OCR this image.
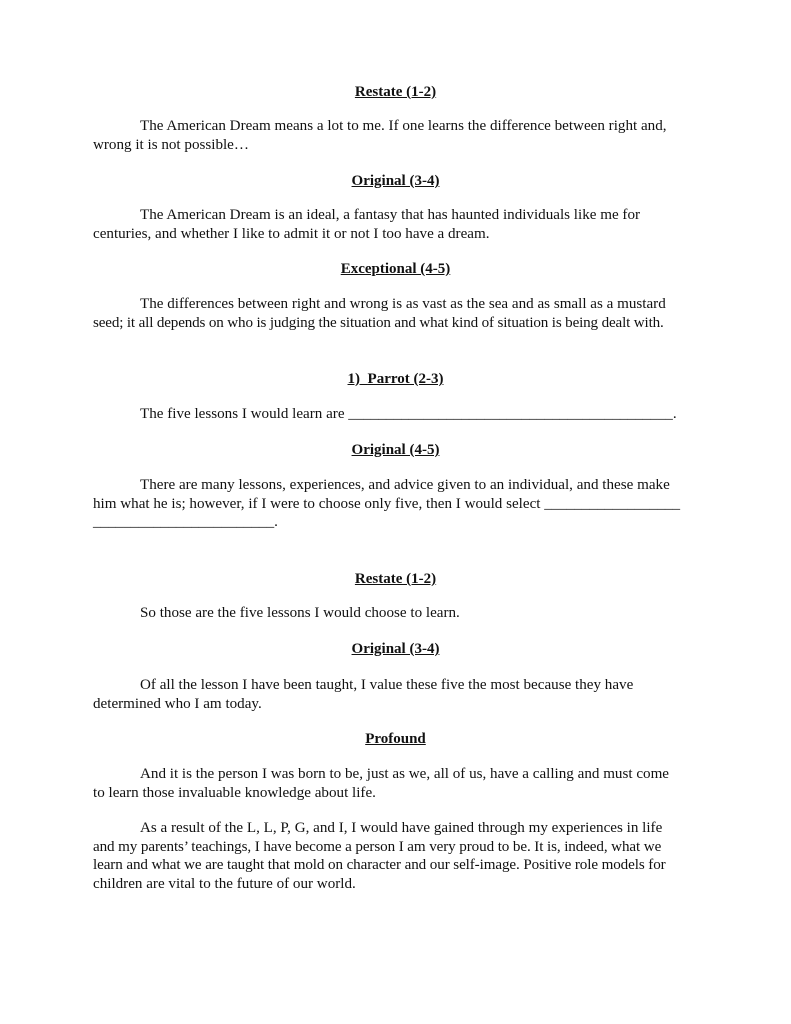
Restate (1-2)
The American Dream means a lot to me. If one learns the difference between right and,
wrong it is not possible…
Original (3-4)
The American Dream is an ideal, a fantasy that has haunted individuals like me for
centuries, and whether I like to admit it or not I too have a dream.
Exceptional (4-5)
The differences between right and wrong is as vast as the sea and as small as a mustard
seed; it all depends on who is judging the situation and what kind of situation is being dealt with.
1) Parrot (2-3)
The five lessons I would learn are ___________________________________________.
Original (4-5)
There are many lessons, experiences, and advice given to an individual, and these make
him what he is; however, if I were to choose only five, then I would select __________________
________________________.
Restate (1-2)
So those are the five lessons I would choose to learn.
Original (3-4)
Of all the lesson I have been taught, I value these five the most because they have
determined who I am today.
Profound
And it is the person I was born to be, just as we, all of us, have a calling and must come
to learn those invaluable knowledge about life.
As a result of the L, L, P, G, and I, I would have gained through my experiences in life
and my parents’ teachings, I have become a person I am very proud to be. It is, indeed, what we
learn and what we are taught that mold on character and our self-image. Positive role models for
children are vital to the future of our world.
